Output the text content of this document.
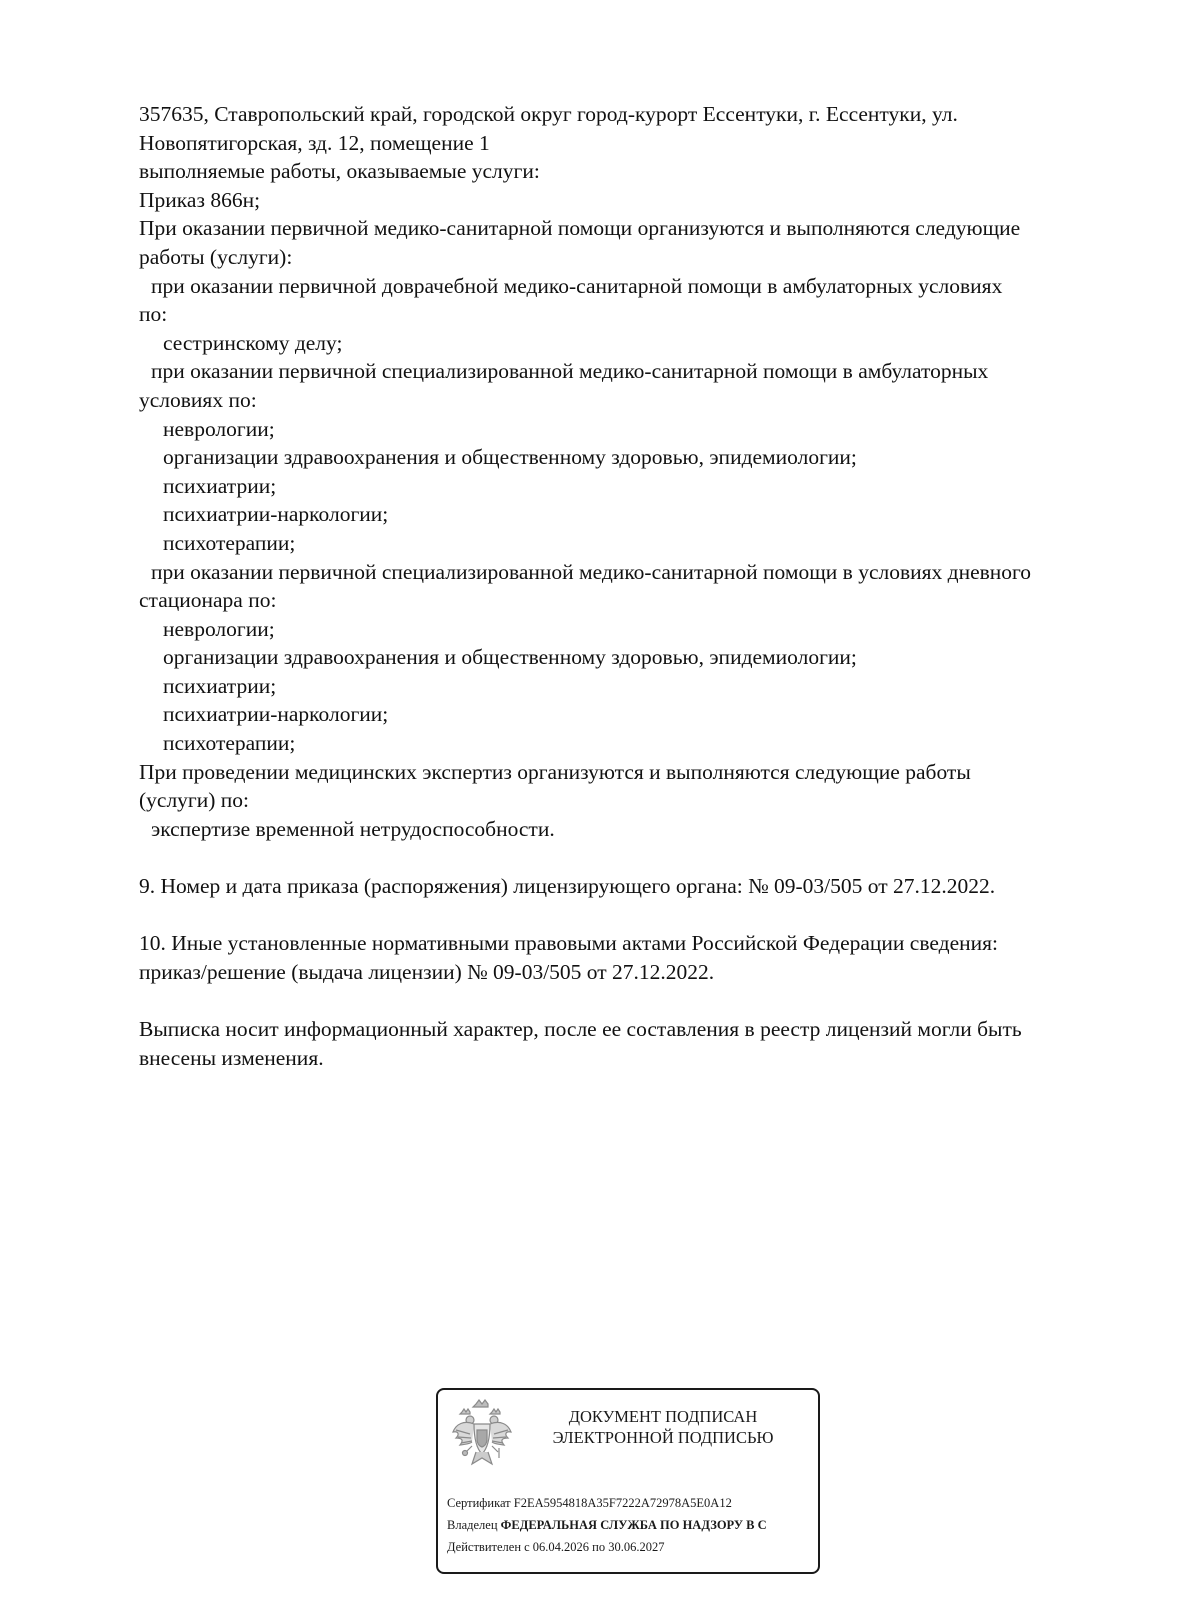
357635, Ставропольский край, городской округ город-курорт Ессентуки, г. Ессентуки, ул.
Новопятигорская, зд. 12, помещение 1
выполняемые работы, оказываемые услуги:
Приказ 866н;
При оказании первичной медико-санитарной помощи организуются и выполняются следующие
работы (услуги):
при оказании первичной доврачебной медико-санитарной помощи в амбулаторных условиях
по:
сестринскому делу;
при оказании первичной специализированной медико-санитарной помощи в амбулаторных
условиях по:
неврологии;
организации здравоохранения и общественному здоровью, эпидемиологии;
психиатрии;
психиатрии-наркологии;
психотерапии;
при оказании первичной специализированной медико-санитарной помощи в условиях дневного
стационара по:
неврологии;
организации здравоохранения и общественному здоровью, эпидемиологии;
психиатрии;
психиатрии-наркологии;
психотерапии;
При проведении медицинских экспертиз организуются и выполняются следующие работы
(услуги) по:
экспертизе временной нетрудоспособности.
9. Номер и дата приказа (распоряжения) лицензирующего органа: № 09-03/505 от 27.12.2022.
10. Иные установленные нормативными правовыми актами Российской Федерации сведения:
приказ/решение (выдача лицензии) № 09-03/505 от 27.12.2022.
Выписка носит информационный характер, после ее составления в реестр лицензий могли быть
внесены изменения.
ДОКУМЕНТ ПОДПИСАН
ЭЛЕКТРОННОЙ ПОДПИСЬЮ
Сертификат F2EA5954818A35F7222A72978A5E0A12
Владелец ФЕДЕРАЛЬНАЯ СЛУЖБА ПО НАДЗОРУ В С
Действителен с 06.04.2026 по 30.06.2027
